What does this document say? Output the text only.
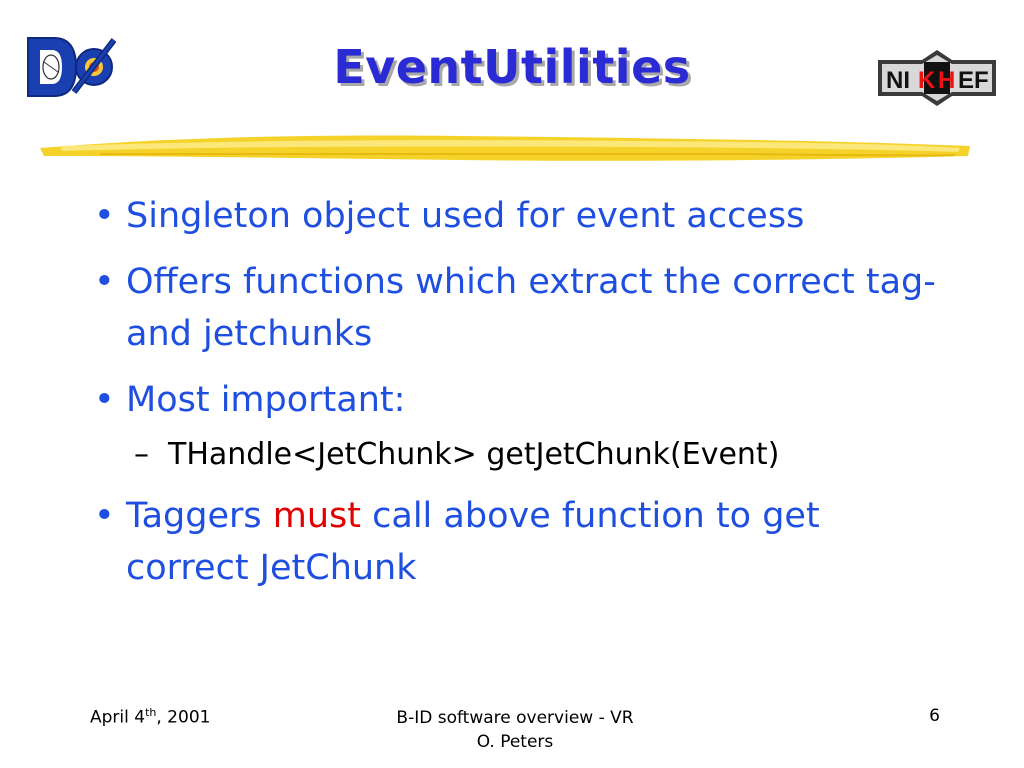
NI K H EF
EventUtilities
• Singleton object used for event access
• Offers functions which extract the correct tag- and jetchunks
• Most important:
– THandle<JetChunk> getJetChunk(Event)
• Taggers must call above function to get correct JetChunk
April 4th, 2001	B-ID software overview - VR
O. Peters
6
